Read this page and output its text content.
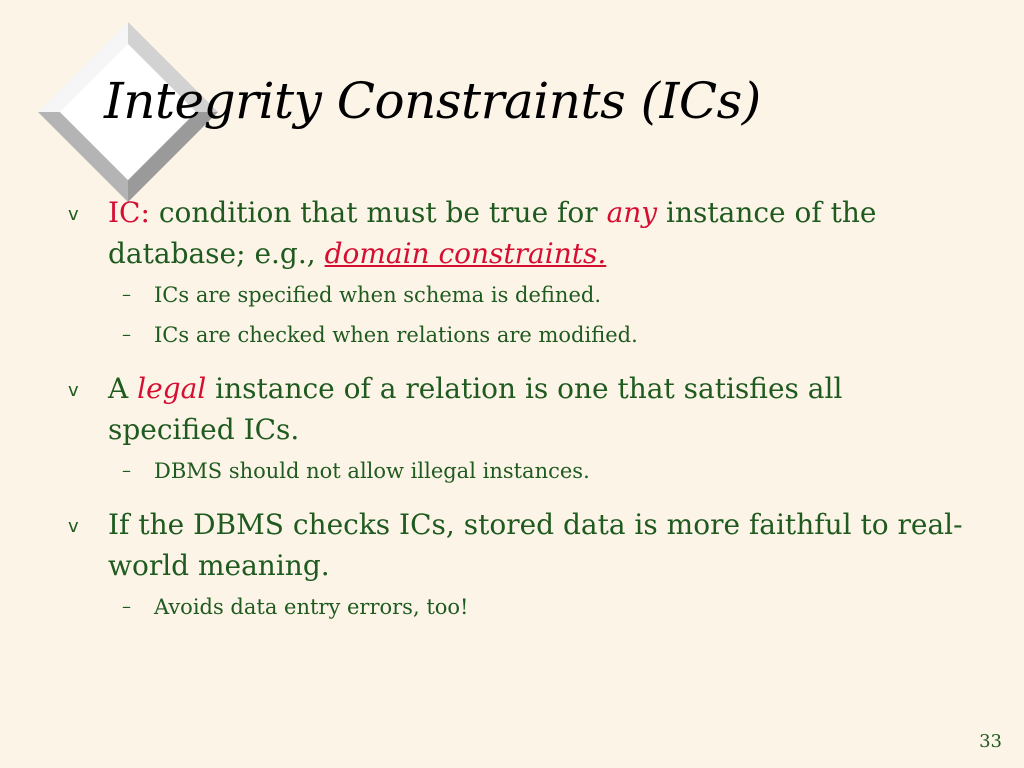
Integrity Constraints (ICs)
v IC: condition that must be true for any instance of the database; e.g., domain constraints.
– ICs are specified when schema is defined.
– ICs are checked when relations are modified.
v A legal instance of a relation is one that satisfies all specified ICs.
– DBMS should not allow illegal instances.
v If the DBMS checks ICs, stored data is more faithful to real-world meaning.
– Avoids data entry errors, too!
33
